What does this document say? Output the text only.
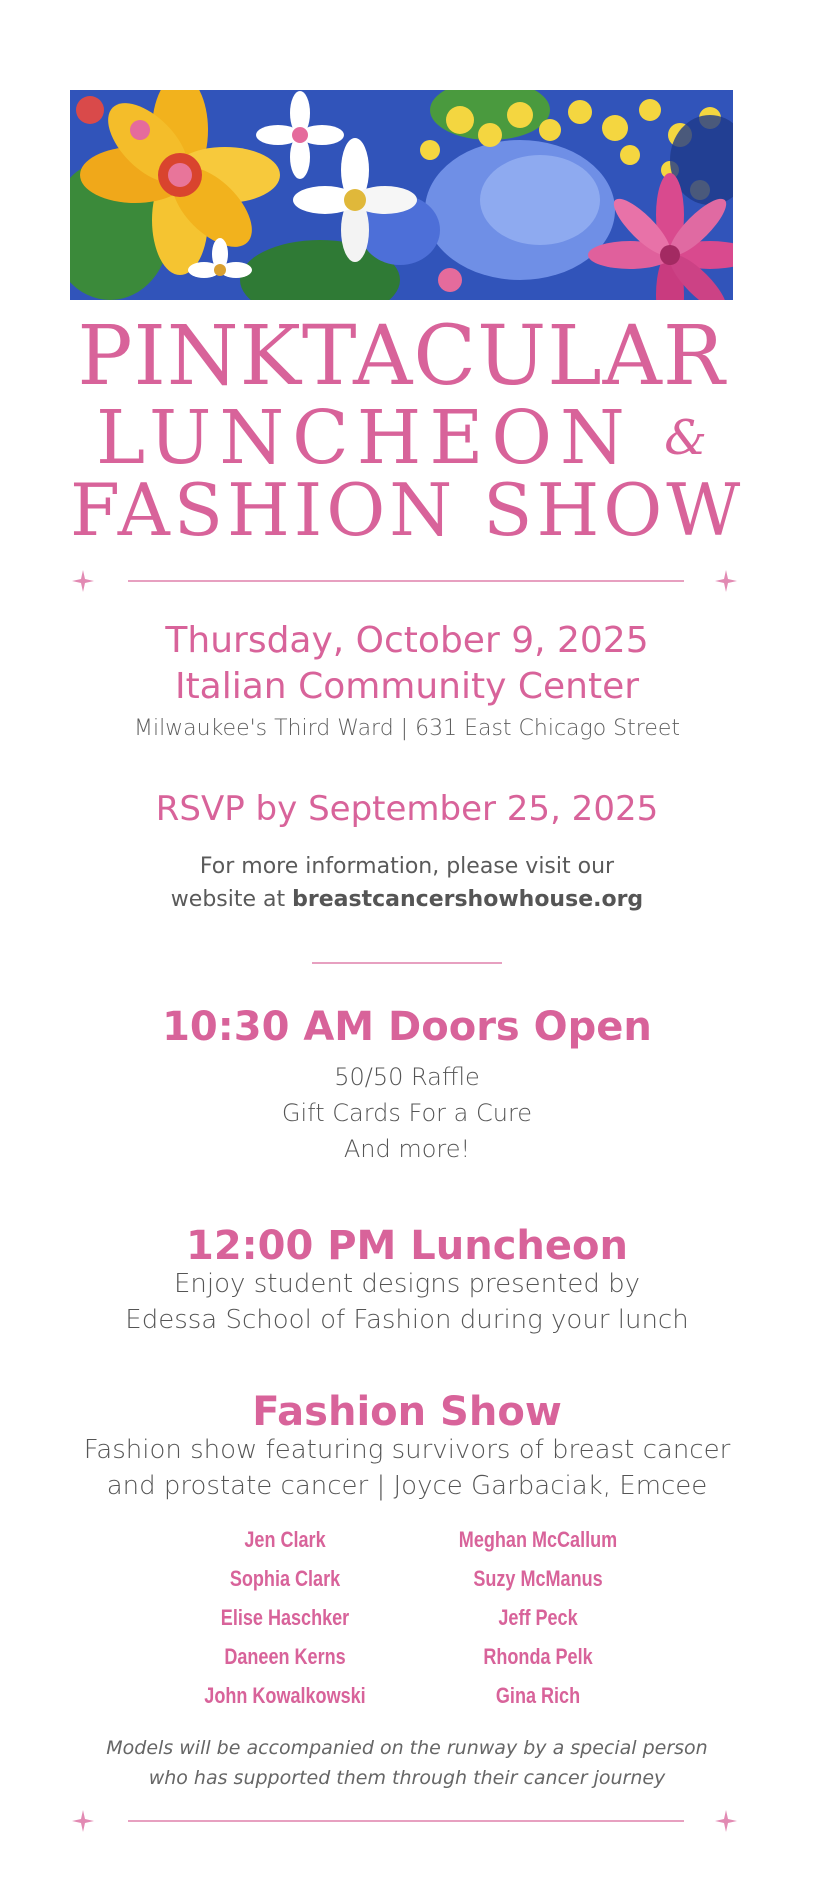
PINKTACULAR
LUNCHEON &
FASHION SHOW
Thursday, October 9, 2025
Italian Community Center
Milwaukee's Third Ward | 631 East Chicago Street
RSVP by September 25, 2025
For more information, please visit our
website at breastcancershowhouse.org
10:30 AM Doors Open
50/50 Raffle
Gift Cards For a Cure
And more!
12:00 PM Luncheon
Enjoy student designs presented by
Edessa School of Fashion during your lunch
Fashion Show
Fashion show featuring survivors of breast cancer
and prostate cancer | Joyce Garbaciak, Emcee
Jen Clark
Sophia Clark
Elise Haschker
Daneen Kerns
John Kowalkowski
Meghan McCallum
Suzy McManus
Jeff Peck
Rhonda Pelk
Gina Rich
Models will be accompanied on the runway by a special person
who has supported them through their cancer journey
